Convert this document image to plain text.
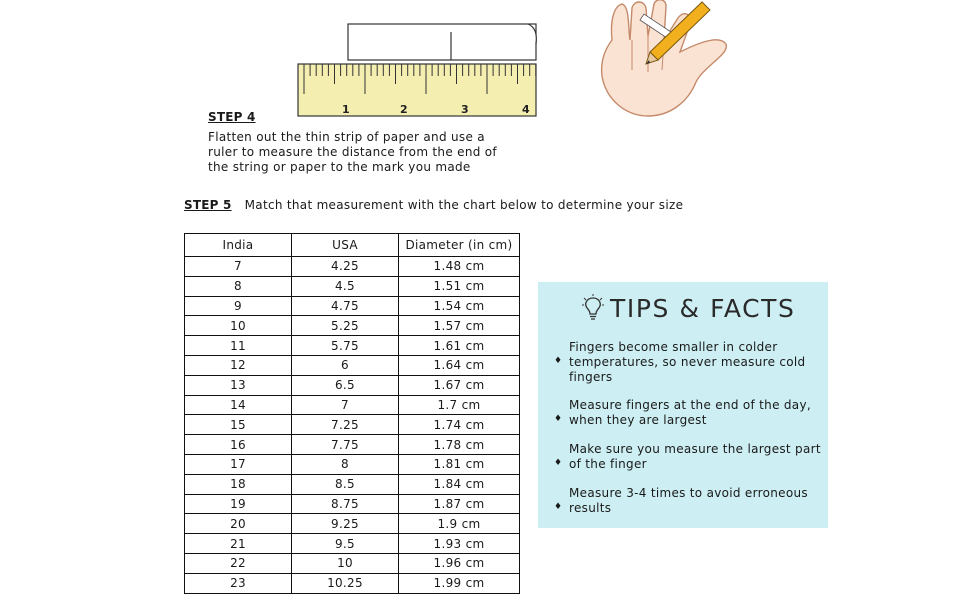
1	2	3	4
STEP 4
Flatten out the thin strip of paper and use a
ruler to measure the distance from the end of
the string or paper to the mark you made
STEP 5 Match that measurement with the chart below to determine your size
India	USA	Diameter (in cm)
7	4.25	1.48 cm
8	4.5	1.51 cm
9	4.75	1.54 cm
10	5.25	1.57 cm
11	5.75	1.61 cm
12	6	1.64 cm
13	6.5	1.67 cm
14	7	1.7 cm
15	7.25	1.74 cm
16	7.75	1.78 cm
17	8	1.81 cm
18	8.5	1.84 cm
19	8.75	1.87 cm
20	9.25	1.9 cm
21	9.5	1.93 cm
22	10	1.96 cm
23	10.25	1.99 cm
TIPS & FACTS
♦
Fingers become smaller in colder
temperatures, so never measure cold
fingers
♦
Measure fingers at the end of the day,
when they are largest
♦
Make sure you measure the largest part
of the finger
♦
Measure 3-4 times to avoid erroneous
results
